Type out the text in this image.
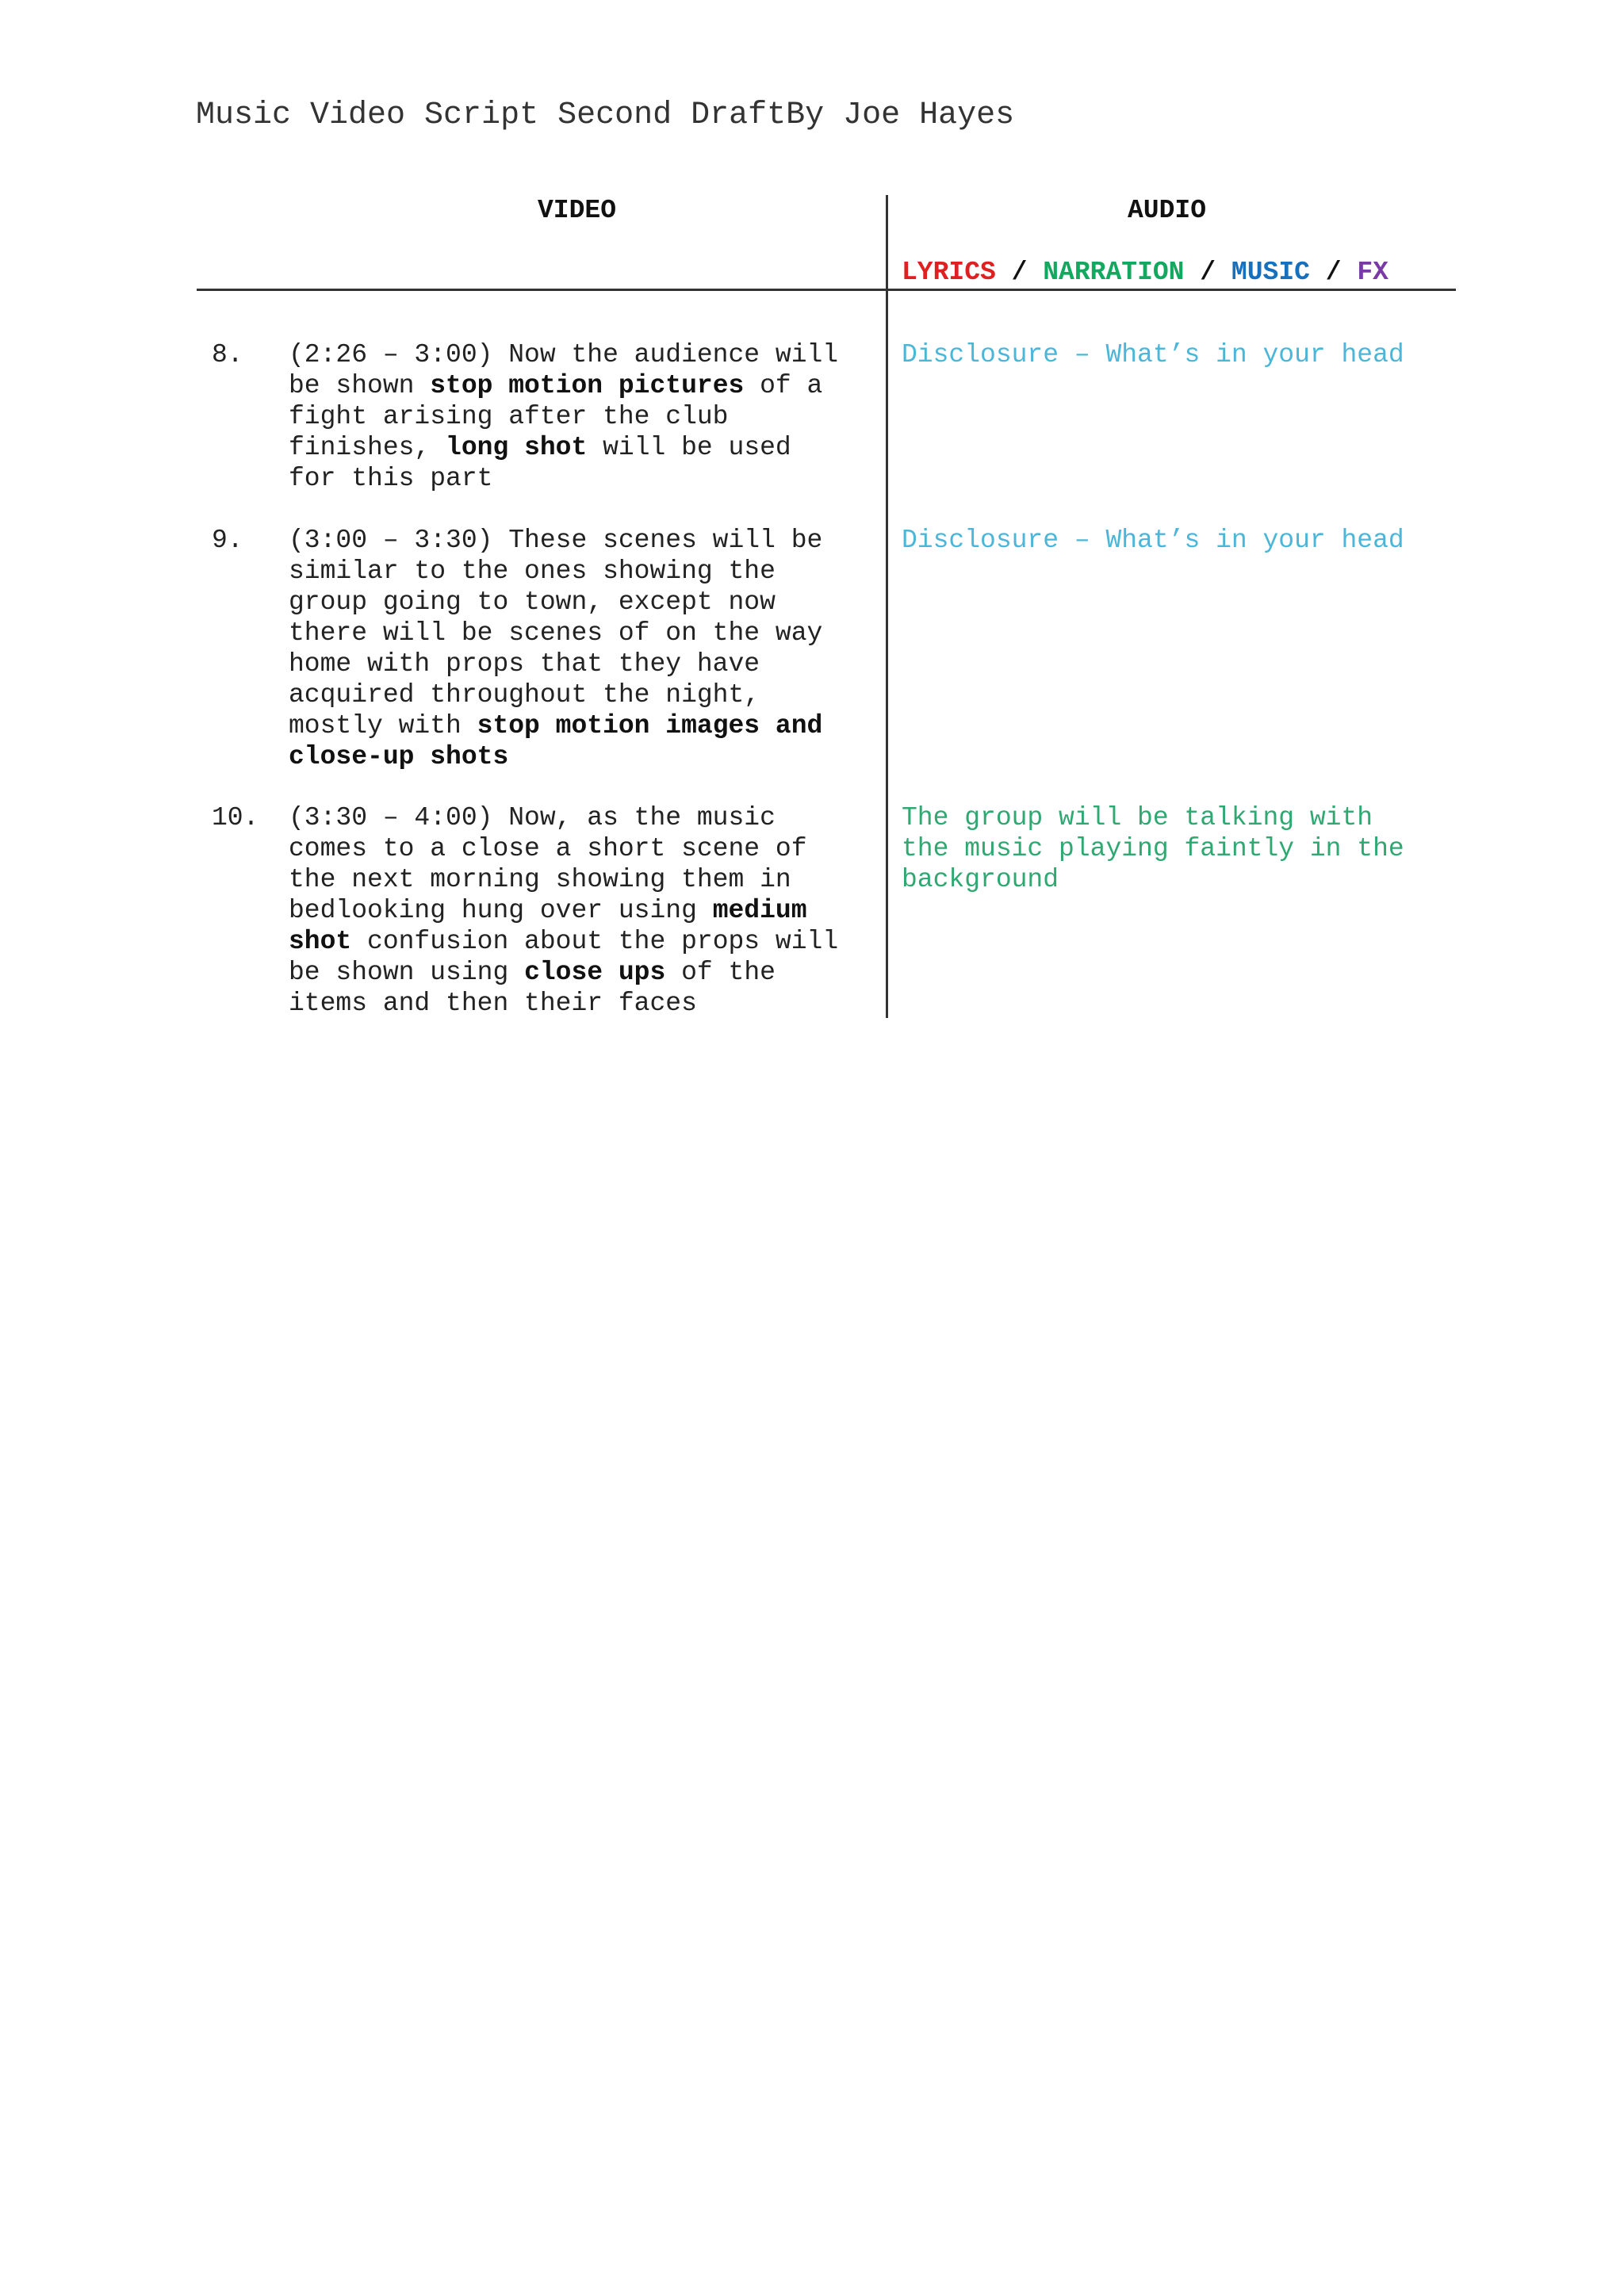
Music Video Script Second DraftBy Joe Hayes
VIDEO	AUDIO
LYRICS / NARRATION / MUSIC / FX
8. (2:26 – 3:00) Now the audience will
be shown stop motion pictures of a
fight arising after the club
finishes, long shot will be used
for this part
Disclosure – What’s in your head
9. (3:00 – 3:30) These scenes will be
similar to the ones showing the
group going to town, except now
there will be scenes of on the way
home with props that they have
acquired throughout the night,
mostly with stop motion images and
close-up shots
Disclosure – What’s in your head
10. (3:30 – 4:00) Now, as the music
comes to a close a short scene of
the next morning showing them in
bedlooking hung over using medium
shot confusion about the props will
be shown using close ups of the
items and then their faces
The group will be talking with
the music playing faintly in the
background
